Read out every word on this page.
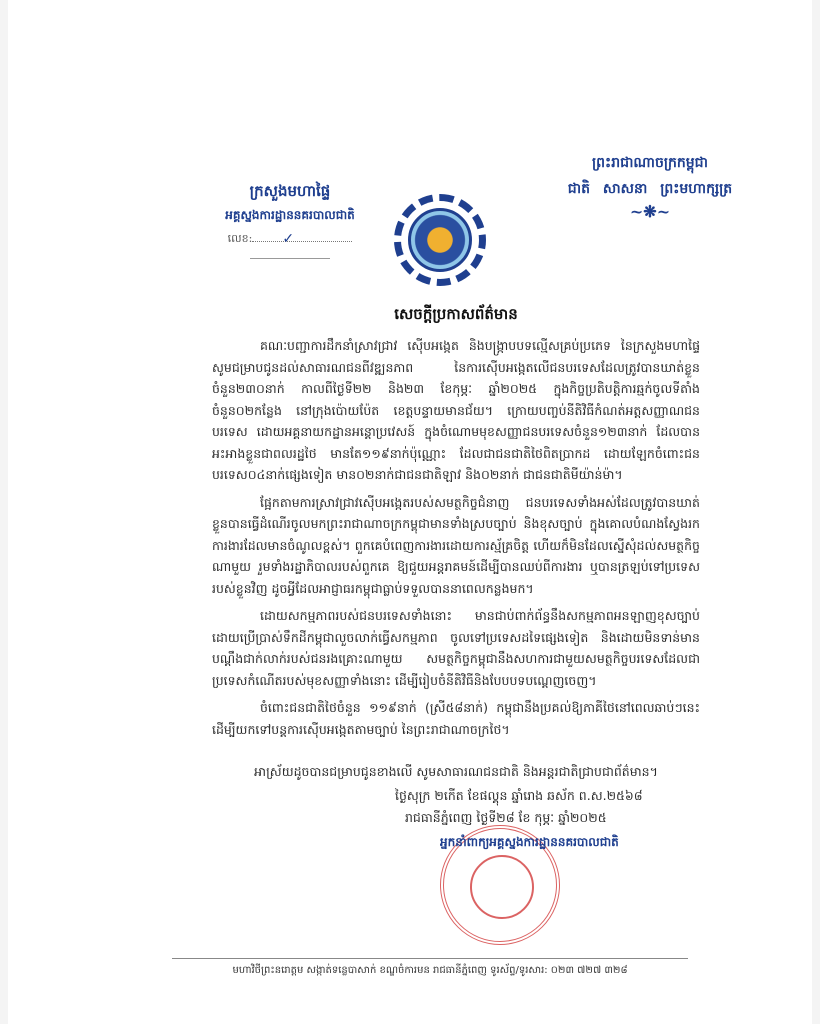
ក្រសួងមហាផ្ទៃ
អគ្គស្នងការដ្ឋាននគរបាលជាតិ
លេខ: ✓
ព្រះរាជាណាចក្រកម្ពុជា
ជាតិ សាសនា ព្រះមហាក្សត្រ
~❋~
សេចក្តីប្រកាសព័ត៌មាន

គណៈបញ្ជាការដឹកនាំស្រាវជ្រាវ ស៊ើបអង្កេត និងបង្ក្រាបបទល្មើសគ្រប់ប្រភេទ នៃក្រសួងមហាផ្ទៃ សូមជម្រាបជូនដល់សាធារណជនពីវឌ្ឍនភាព នៃការស៊ើបអង្កេតលើជនបរទេសដែលត្រូវបានឃាត់ខ្លួនចំនួន២៣០នាក់ កាលពីថ្ងៃទី២២ និង២៣ ខែកុម្ភៈ ឆ្នាំ២០២៥ ក្នុងកិច្ចប្រតិបត្តិការឆ្មក់ចូលទីតាំងចំនួន០២កន្លែង នៅក្រុងប៉ោយប៉ែត ខេត្តបន្ទាយមានជ័យ។ ក្រោយបញ្ចប់នីតិវិធីកំណត់អត្តសញ្ញាណជនបរទេស ដោយអគ្គនាយកដ្ឋានអន្តោប្រវេសន៍ ក្នុងចំណោមមុខសញ្ញាជនបរទេសចំនួន១២៣នាក់ ដែលបានអះអាងខ្លួនជាពលរដ្ឋថៃ មានតែ១១៩នាក់ប៉ុណ្ណោះ ដែលជាជនជាតិថៃពិតប្រាកដ ដោយឡែកចំពោះជនបរទេស០៤នាក់ផ្សេងទៀត មាន០២នាក់ជាជនជាតិឡាវ និង០២នាក់ ជាជនជាតិមីយ៉ាន់ម៉ា។

ផ្អែកតាមការស្រាវជ្រាវស៊ើបអង្កេតរបស់សមត្ថកិច្ចជំនាញ ជនបរទេសទាំងអស់ដែលត្រូវបានឃាត់ខ្លួនបានធ្វើដំណើរចូលមកព្រះរាជាណាចក្រកម្ពុជាមានទាំងស្របច្បាប់ និងខុសច្បាប់ ក្នុងគោលបំណងស្វែងរកការងារដែលមានចំណូលខ្ពស់។ ពួកគេបំពេញការងារដោយការស្ម័គ្រចិត្ត ហើយក៏មិនដែលស្នើសុំដល់សមត្ថកិច្ចណាមួយ រួមទាំងរដ្ឋាភិបាលរបស់ពួកគេ ឱ្យជួយអន្តរាគមន៍ដើម្បីបានឈប់ពីការងារ ឬបានត្រឡប់ទៅប្រទេសរបស់ខ្លួនវិញ ដូចអ្វីដែលអាជ្ញាធរកម្ពុជាធ្លាប់ទទួលបាននាពេលកន្លងមក។

ដោយសកម្មភាពរបស់ជនបរទេសទាំងនោះ មានជាប់ពាក់ព័ន្ធនឹងសកម្មភាពអនឡាញខុសច្បាប់ ដោយប្រើប្រាស់ទឹកដីកម្ពុជាលួចលាក់ធ្វើសកម្មភាព ចូលទៅប្រទេសដទៃផ្សេងទៀត និងដោយមិនទាន់មានបណ្តឹងជាក់លាក់របស់ជនរងគ្រោះណាមួយ សមត្ថកិច្ចកម្ពុជានឹងសហការជាមួយសមត្ថកិច្ចបរទេសដែលជាប្រទេសកំណើតរបស់មុខសញ្ញាទាំងនោះ ដើម្បីរៀបចំនីតិវិធីនិងបែបបទបណ្តេញចេញ។

ចំពោះជនជាតិថៃចំនួន ១១៩នាក់ (ស្រី៥៨នាក់) កម្ពុជានឹងប្រគល់ឱ្យភាគីថៃនៅពេលឆាប់ៗនេះ ដើម្បីយកទៅបន្តការស៊ើបអង្កេតតាមច្បាប់ នៃព្រះរាជាណាចក្រថៃ។

អាស្រ័យដូចបានជម្រាបជូនខាងលើ សូមសាធារណជនជាតិ និងអន្តរជាតិជ្រាបជាព័ត៌មាន។
ថ្ងៃសុក្រ ២កើត ខែផល្គុន ឆ្នាំរោង ឆស័ក ព.ស.២៥៦៨
រាជធានីភ្នំពេញ ថ្ងៃទី២៨ ខែ កុម្ភៈ ឆ្នាំ២០២៥
អ្នកនាំពាក្យអគ្គស្នងការដ្ឋាននគរបាលជាតិ
មហាវិថីព្រះនរោត្តម សង្កាត់ទន្លេបាសាក់ ខណ្ឌចំការមន រាជធានីភ្នំពេញ ទូរស័ព្ទ/ទូរសារ: ០២៣ ៧២៧ ៣២៨
